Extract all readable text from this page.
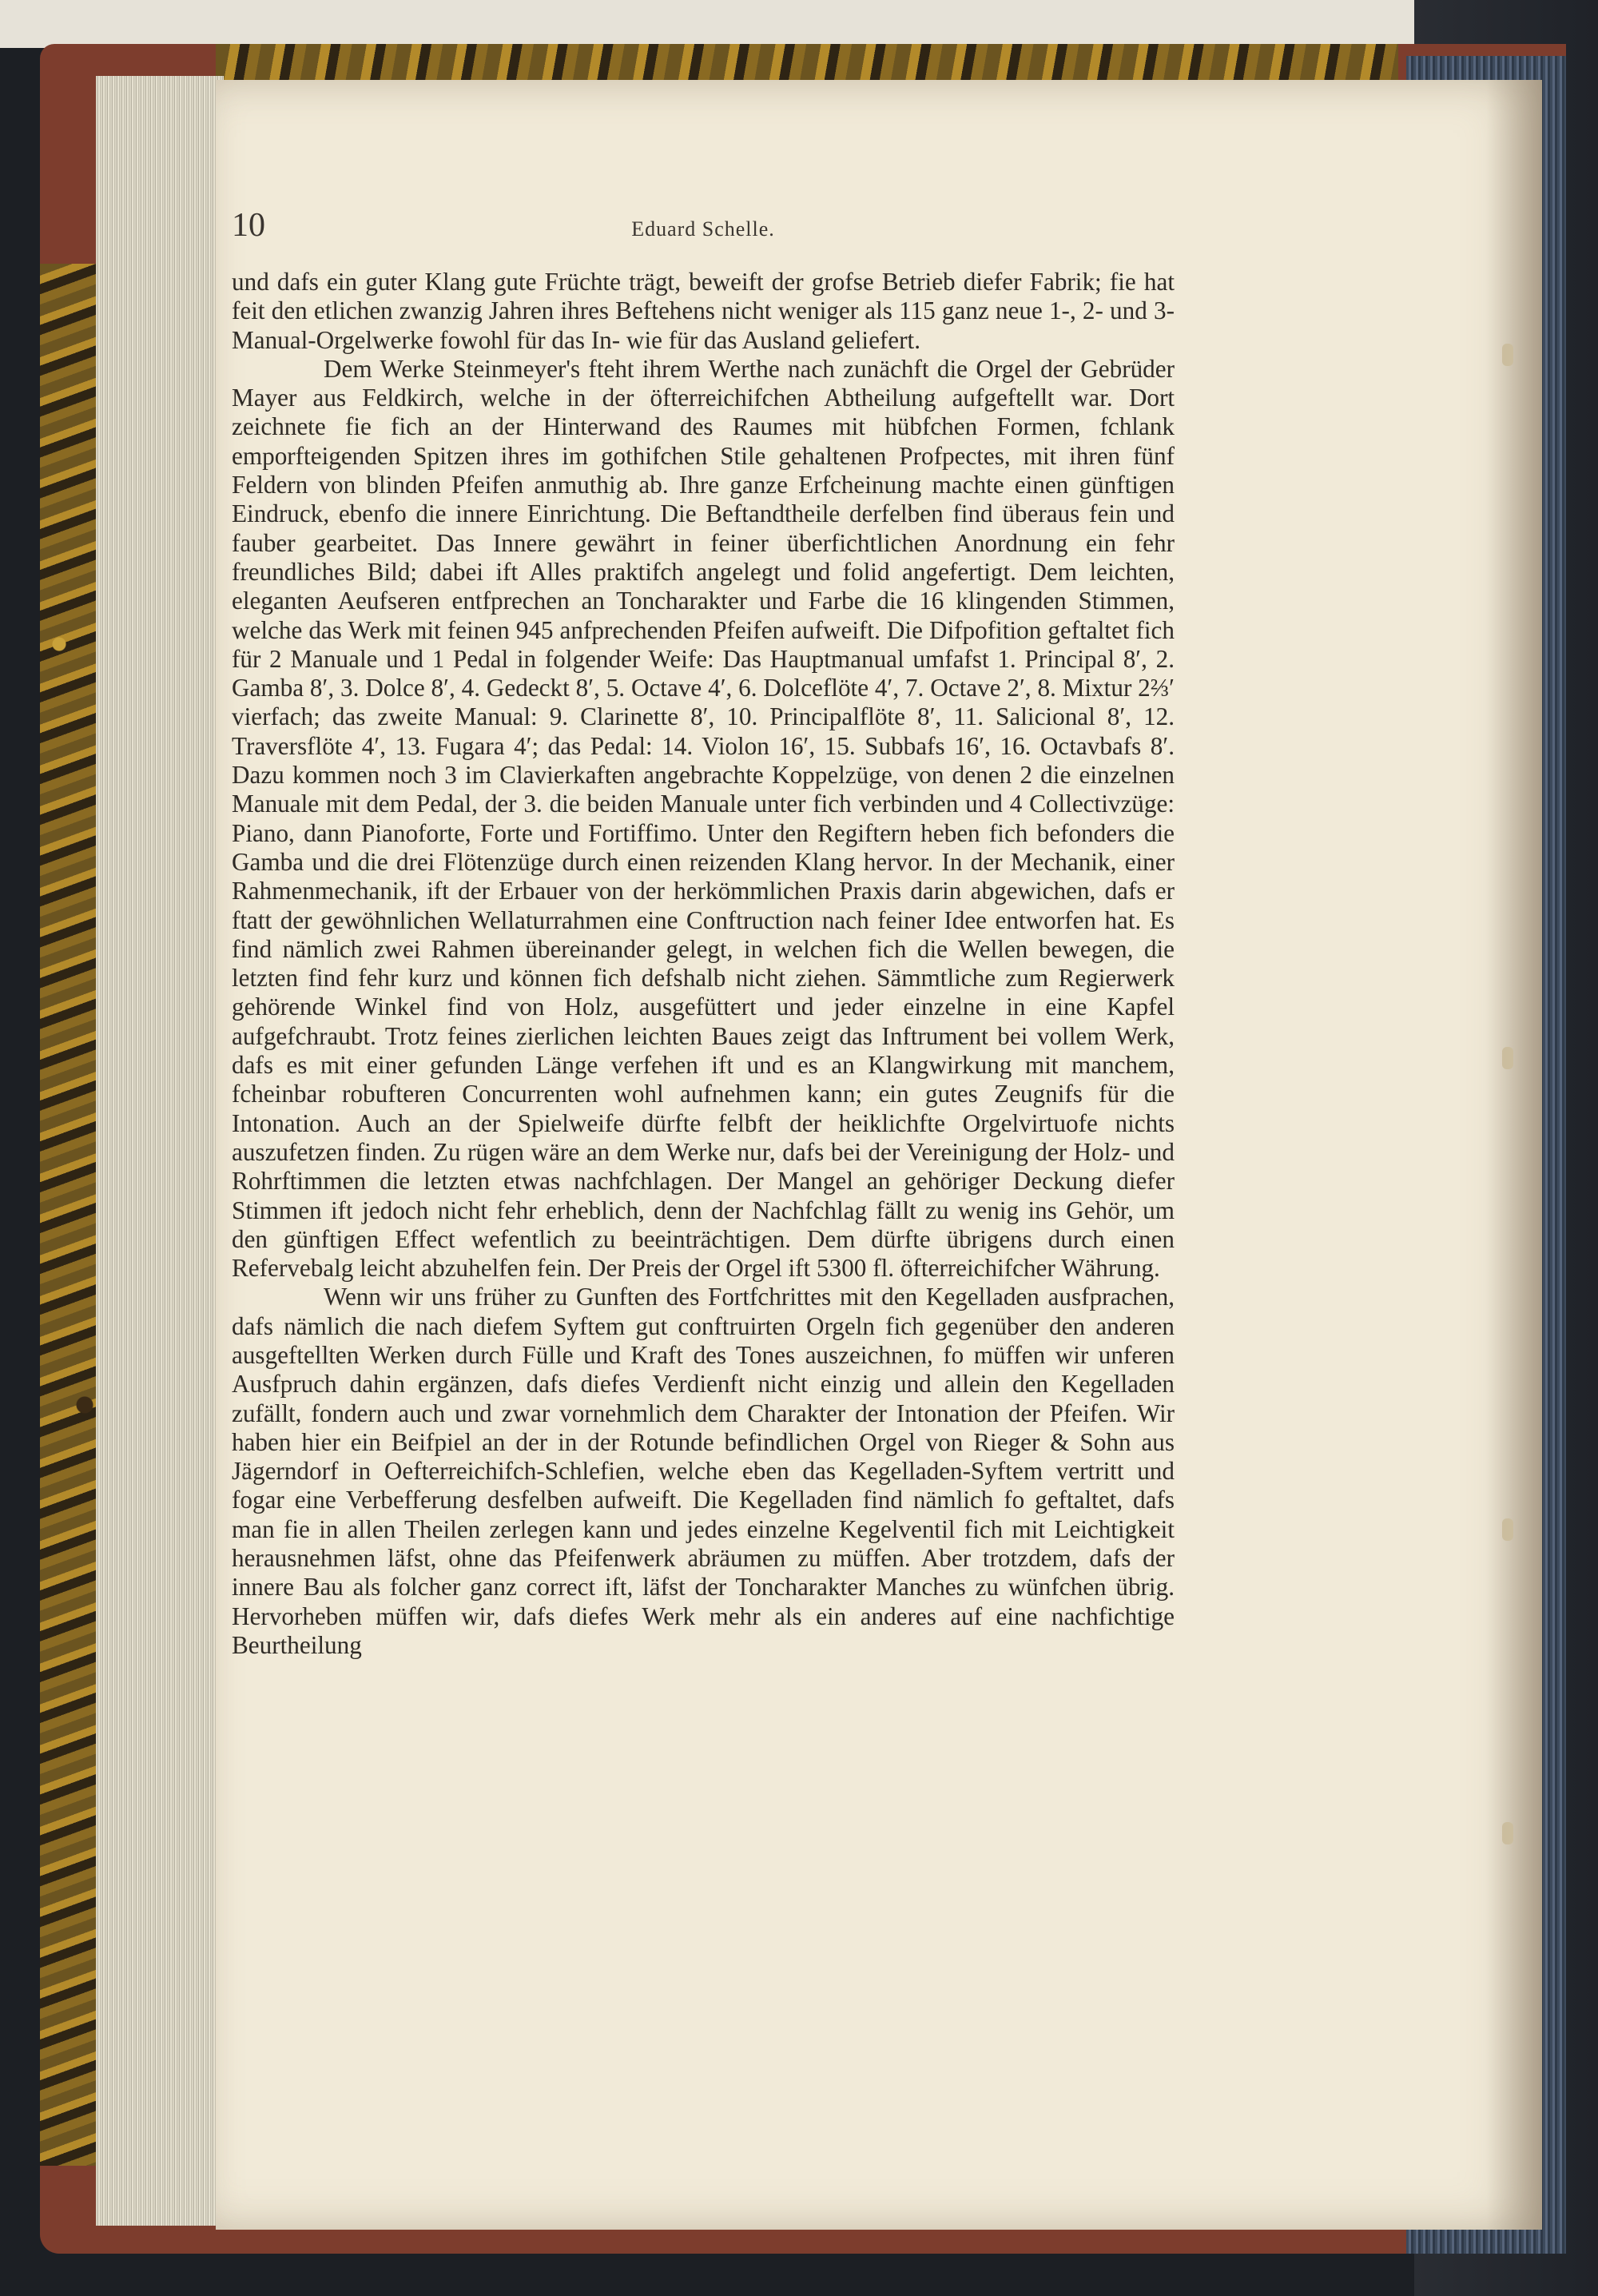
10	Eduard Schelle.

und dafs ein guter Klang gute Früchte trägt, beweift der grofse Betrieb diefer Fabrik; fie hat feit den etlichen zwanzig Jahren ihres Beftehens nicht weniger als 115 ganz neue 1-, 2- und 3-Manual-Orgelwerke fowohl für das In- wie für das Ausland geliefert.

Dem Werke Steinmeyer's fteht ihrem Werthe nach zunächft die Orgel der Gebrüder Mayer aus Feldkirch, welche in der öfterreichifchen Abtheilung aufgeftellt war. Dort zeichnete fie fich an der Hinterwand des Raumes mit hübfchen Formen, fchlank emporfteigenden Spitzen ihres im gothifchen Stile gehaltenen Profpectes, mit ihren fünf Feldern von blinden Pfeifen anmuthig ab. Ihre ganze Erfcheinung machte einen günftigen Eindruck, ebenfo die innere Einrichtung. Die Beftandtheile derfelben find überaus fein und fauber gearbeitet. Das Innere gewährt in feiner überfichtlichen Anordnung ein fehr freundliches Bild; dabei ift Alles praktifch angelegt und folid angefertigt. Dem leichten, eleganten Aeufseren entfprechen an Toncharakter und Farbe die 16 klingenden Stimmen, welche das Werk mit feinen 945 anfprechenden Pfeifen aufweift. Die Difpofition geftaltet fich für 2 Manuale und 1 Pedal in folgender Weife: Das Hauptmanual umfafst 1. Principal 8′, 2. Gamba 8′, 3. Dolce 8′, 4. Gedeckt 8′, 5. Octave 4′, 6. Dolceflöte 4′, 7. Octave 2′, 8. Mixtur 2⅔′ vierfach; das zweite Manual: 9. Clarinette 8′, 10. Principalflöte 8′, 11. Salicional 8′, 12. Traversflöte 4′, 13. Fugara 4′; das Pedal: 14. Violon 16′, 15. Subbafs 16′, 16. Octavbafs 8′. Dazu kommen noch 3 im Clavierkaften angebrachte Koppelzüge, von denen 2 die einzelnen Manuale mit dem Pedal, der 3. die beiden Manuale unter fich verbinden und 4 Collectivzüge: Piano, dann Pianoforte, Forte und Fortiffimo. Unter den Regiftern heben fich befonders die Gamba und die drei Flötenzüge durch einen reizenden Klang hervor. In der Mechanik, einer Rahmenmechanik, ift der Erbauer von der herkömmlichen Praxis darin abgewichen, dafs er ftatt der gewöhnlichen Wellaturrahmen eine Conftruction nach feiner Idee entworfen hat. Es find nämlich zwei Rahmen übereinander gelegt, in welchen fich die Wellen bewegen, die letzten find fehr kurz und können fich defshalb nicht ziehen. Sämmtliche zum Regierwerk gehörende Winkel find von Holz, ausgefüttert und jeder einzelne in eine Kapfel aufgefchraubt. Trotz feines zierlichen leichten Baues zeigt das Inftrument bei vollem Werk, dafs es mit einer gefunden Länge verfehen ift und es an Klangwirkung mit manchem, fcheinbar robufteren Concurrenten wohl aufnehmen kann; ein gutes Zeugnifs für die Intonation. Auch an der Spielweife dürfte felbft der heiklichfte Orgelvirtuofe nichts auszufetzen finden. Zu rügen wäre an dem Werke nur, dafs bei der Vereinigung der Holz- und Rohrftimmen die letzten etwas nachfchlagen. Der Mangel an gehöriger Deckung diefer Stimmen ift jedoch nicht fehr erheblich, denn der Nachfchlag fällt zu wenig ins Gehör, um den günftigen Effect wefentlich zu beeinträchtigen. Dem dürfte übrigens durch einen Refervebalg leicht abzuhelfen fein. Der Preis der Orgel ift 5300 fl. öfterreichifcher Währung.

Wenn wir uns früher zu Gunften des Fortfchrittes mit den Kegelladen ausfprachen, dafs nämlich die nach diefem Syftem gut conftruirten Orgeln fich gegenüber den anderen ausgeftellten Werken durch Fülle und Kraft des Tones auszeichnen, fo müffen wir unferen Ausfpruch dahin ergänzen, dafs diefes Verdienft nicht einzig und allein den Kegelladen zufällt, fondern auch und zwar vornehmlich dem Charakter der Intonation der Pfeifen. Wir haben hier ein Beifpiel an der in der Rotunde befindlichen Orgel von Rieger & Sohn aus Jägerndorf in Oefterreichifch-Schlefien, welche eben das Kegelladen-Syftem vertritt und fogar eine Verbefferung desfelben aufweift. Die Kegelladen find nämlich fo geftaltet, dafs man fie in allen Theilen zerlegen kann und jedes einzelne Kegelventil fich mit Leichtigkeit herausnehmen läfst, ohne das Pfeifenwerk abräumen zu müffen. Aber trotzdem, dafs der innere Bau als folcher ganz correct ift, läfst der Toncharakter Manches zu wünfchen übrig. Hervorheben müffen wir, dafs diefes Werk mehr als ein anderes auf eine nachfichtige Beurtheilung
